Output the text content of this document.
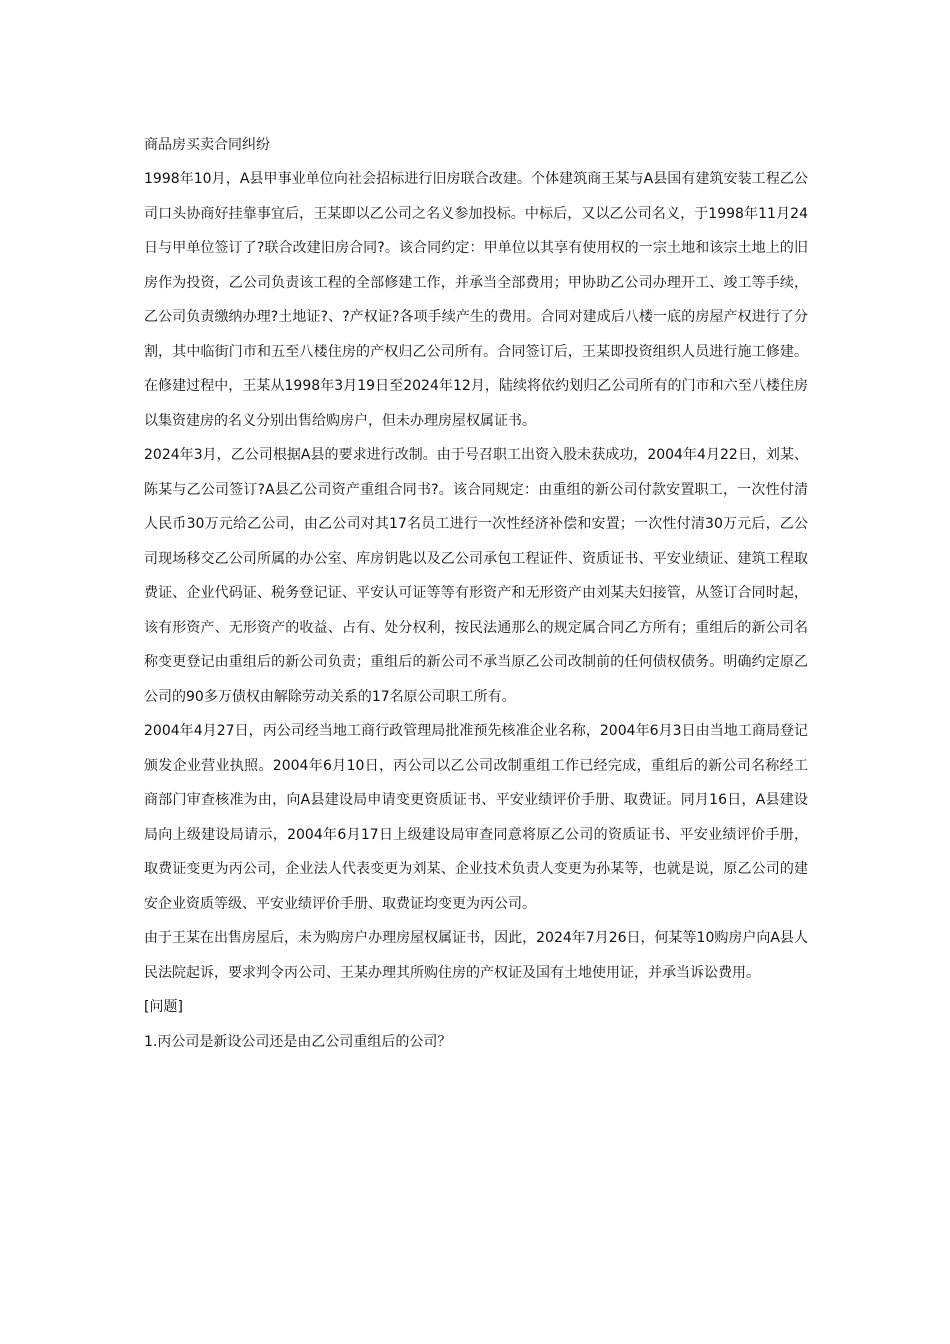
商品房买卖合同纠纷

1998年10月，A县甲事业单位向社会招标进行旧房联合改建。个体建筑商王某与A县国有建筑安装工程乙公司口头协商好挂靠事宜后，王某即以乙公司之名义参加投标。中标后，又以乙公司名义，于1998年11月24日与甲单位签订了?联合改建旧房合同?。该合同约定：甲单位以其享有使用权的一宗土地和该宗土地上的旧房作为投资，乙公司负责该工程的全部修建工作，并承当全部费用；甲协助乙公司办理开工、竣工等手续，乙公司负责缴纳办理?土地证?、?产权证?各项手续产生的费用。合同对建成后八楼一底的房屋产权进行了分割，其中临街门市和五至八楼住房的产权归乙公司所有。合同签订后，王某即投资组织人员进行施工修建。在修建过程中，王某从1998年3月19日至2024年12月，陆续将依约划归乙公司所有的门市和六至八楼住房以集资建房的名义分别出售给购房户，但未办理房屋权属证书。

2024年3月，乙公司根据A县的要求进行改制。由于号召职工出资入股未获成功，2004年4月22日，刘某、陈某与乙公司签订?A县乙公司资产重组合同书?。该合同规定：由重组的新公司付款安置职工，一次性付清人民币30万元给乙公司，由乙公司对其17名员工进行一次性经济补偿和安置；一次性付清30万元后，乙公司现场移交乙公司所属的办公室、库房钥匙以及乙公司承包工程证件、资质证书、平安业绩证、建筑工程取费证、企业代码证、税务登记证、平安认可证等等有形资产和无形资产由刘某夫妇接管，从签订合同时起，该有形资产、无形资产的收益、占有、处分权利，按民法通那么的规定属合同乙方所有；重组后的新公司名称变更登记由重组后的新公司负责；重组后的新公司不承当原乙公司改制前的任何债权债务。明确约定原乙公司的90多万债权由解除劳动关系的17名原公司职工所有。

2004年4月27日，丙公司经当地工商行政管理局批准预先核准企业名称，2004年6月3日由当地工商局登记颁发企业营业执照。2004年6月10日，丙公司以乙公司改制重组工作已经完成，重组后的新公司名称经工商部门审查核准为由，向A县建设局申请变更资质证书、平安业绩评价手册、取费证。同月16日，A县建设局向上级建设局请示，2004年6月17日上级建设局审查同意将原乙公司的资质证书、平安业绩评价手册，取费证变更为丙公司，企业法人代表变更为刘某、企业技术负责人变更为孙某等，也就是说，原乙公司的建安企业资质等级、平安业绩评价手册、取费证均变更为丙公司。

由于王某在出售房屋后，未为购房户办理房屋权属证书，因此，2024年7月26日，何某等10购房户向A县人民法院起诉，要求判令丙公司、王某办理其所购住房的产权证及国有土地使用证，并承当诉讼费用。

[问题]

1.丙公司是新设公司还是由乙公司重组后的公司？
